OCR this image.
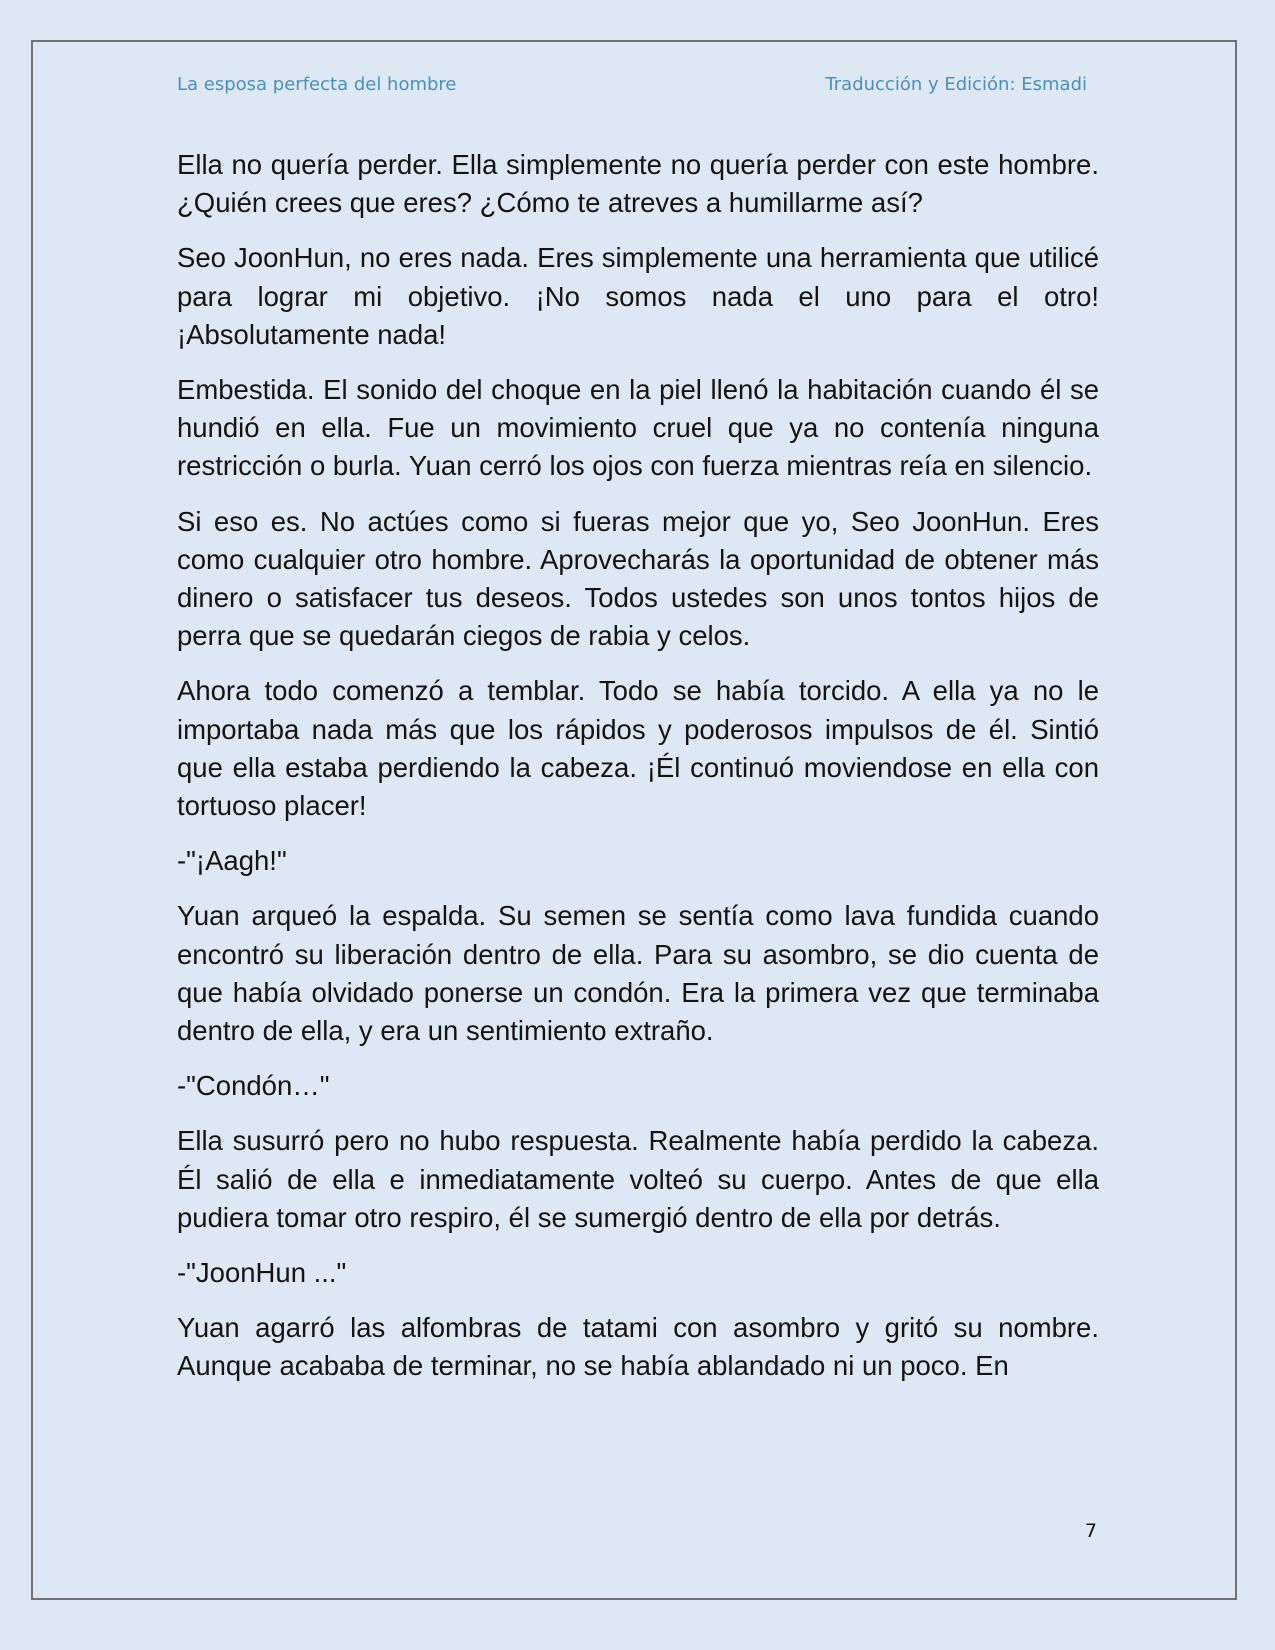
La esposa perfecta del hombre	Traducción y Edición: Esmadi

Ella no quería perder. Ella simplemente no quería perder con este hombre. ¿Quién crees que eres? ¿Cómo te atreves a humillarme así?

Seo JoonHun, no eres nada. Eres simplemente una herramienta que utilicé para lograr mi objetivo. ¡No somos nada el uno para el otro! ¡Absolutamente nada!

Embestida. El sonido del choque en la piel llenó la habitación cuando él se hundió en ella. Fue un movimiento cruel que ya no contenía ninguna restricción o burla. Yuan cerró los ojos con fuerza mientras reía en silencio.

Si eso es. No actúes como si fueras mejor que yo, Seo JoonHun. Eres como cualquier otro hombre. Aprovecharás la oportunidad de obtener más dinero o satisfacer tus deseos. Todos ustedes son unos tontos hijos de perra que se quedarán ciegos de rabia y celos.

Ahora todo comenzó a temblar. Todo se había torcido. A ella ya no le importaba nada más que los rápidos y poderosos impulsos de él. Sintió que ella estaba perdiendo la cabeza. ¡Él continuó moviendose en ella con tortuoso placer!

-"¡Aagh!"

Yuan arqueó la espalda. Su semen se sentía como lava fundida cuando encontró su liberación dentro de ella. Para su asombro, se dio cuenta de que había olvidado ponerse un condón. Era la primera vez que terminaba dentro de ella, y era un sentimiento extraño.

-"Condón…"

Ella susurró pero no hubo respuesta. Realmente había perdido la cabeza. Él salió de ella e inmediatamente volteó su cuerpo. Antes de que ella pudiera tomar otro respiro, él se sumergió dentro de ella por detrás.

-"JoonHun ..."

Yuan agarró las alfombras de tatami con asombro y gritó su nombre. Aunque acababa de terminar, no se había ablandado ni un poco. En

7
